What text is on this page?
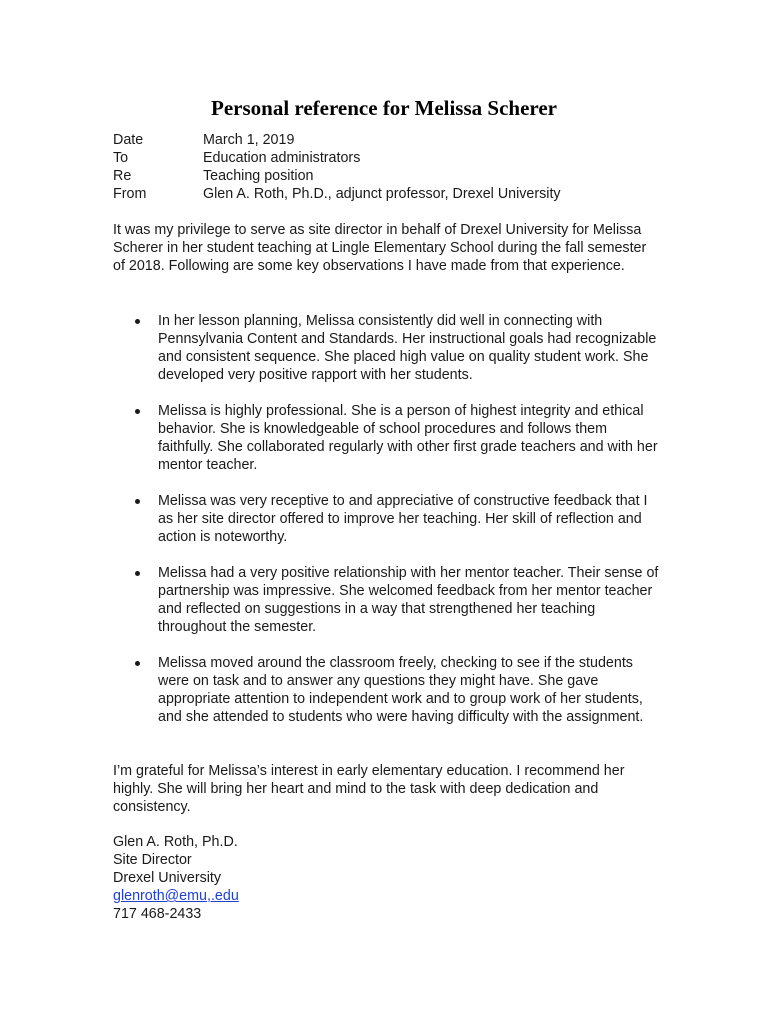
Personal reference for Melissa Scherer
Date	March 1, 2019
To	Education administrators
Re	Teaching position
From	Glen A. Roth, Ph.D., adjunct professor, Drexel University

It was my privilege to serve as site director in behalf of Drexel University for Melissa Scherer in her student teaching at Lingle Elementary School during the fall semester of 2018. Following are some key observations I have made from that experience.

In her lesson planning, Melissa consistently did well in connecting with Pennsylvania Content and Standards. Her instructional goals had recognizable and consistent sequence. She placed high value on quality student work. She developed very positive rapport with her students.

Melissa is highly professional. She is a person of highest integrity and ethical behavior. She is knowledgeable of school procedures and follows them faithfully. She collaborated regularly with other first grade teachers and with her mentor teacher.

Melissa was very receptive to and appreciative of constructive feedback that I as her site director offered to improve her teaching. Her skill of reflection and action is noteworthy.

Melissa had a very positive relationship with her mentor teacher. Their sense of partnership was impressive. She welcomed feedback from her mentor teacher and reflected on suggestions in a way that strengthened her teaching throughout the semester.

Melissa moved around the classroom freely, checking to see if the students were on task and to answer any questions they might have. She gave appropriate attention to independent work and to group work of her students, and she attended to students who were having difficulty with the assignment.

I’m grateful for Melissa’s interest in early elementary education. I recommend her highly. She will bring her heart and mind to the task with deep dedication and consistency.

Glen A. Roth, Ph.D.
Site Director
Drexel University
glenroth@emu,.edu
717 468-2433
